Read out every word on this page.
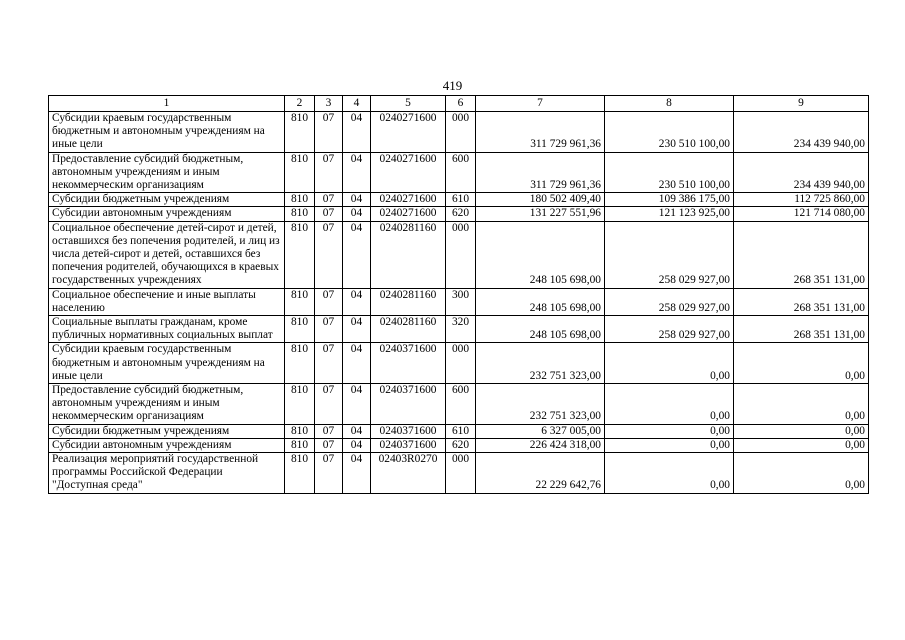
419
1	2	3	4	5	6	7	8	9
Субсидии краевым государственным бюджетным и автономным учреждениям на иные цели	810	07	04	0240271600	000	311 729 961,36	230 510 100,00	234 439 940,00
Предоставление субсидий бюджетным, автономным учреждениям и иным некоммерческим организациям	810	07	04	0240271600	600	311 729 961,36	230 510 100,00	234 439 940,00
Субсидии бюджетным учреждениям	810	07	04	0240271600	610	180 502 409,40	109 386 175,00	112 725 860,00
Субсидии автономным учреждениям	810	07	04	0240271600	620	131 227 551,96	121 123 925,00	121 714 080,00
Социальное обеспечение детей-сирот и детей, оставшихся без попечения родителей, и лиц из числа детей-сирот и детей, оставшихся без попечения родителей, обучающихся в краевых государственных учреждениях	810	07	04	0240281160	000	248 105 698,00	258 029 927,00	268 351 131,00
Социальное обеспечение и иные выплаты населению	810	07	04	0240281160	300	248 105 698,00	258 029 927,00	268 351 131,00
Социальные выплаты гражданам, кроме публичных нормативных социальных выплат	810	07	04	0240281160	320	248 105 698,00	258 029 927,00	268 351 131,00
Субсидии краевым государственным бюджетным и автономным учреждениям на иные цели	810	07	04	0240371600	000	232 751 323,00	0,00	0,00
Предоставление субсидий бюджетным, автономным учреждениям и иным некоммерческим организациям	810	07	04	0240371600	600	232 751 323,00	0,00	0,00
Субсидии бюджетным учреждениям	810	07	04	0240371600	610	6 327 005,00	0,00	0,00
Субсидии автономным учреждениям	810	07	04	0240371600	620	226 424 318,00	0,00	0,00
Реализация мероприятий государственной программы Российской Федерации "Доступная среда"	810	07	04	02403R0270	000	22 229 642,76	0,00	0,00
